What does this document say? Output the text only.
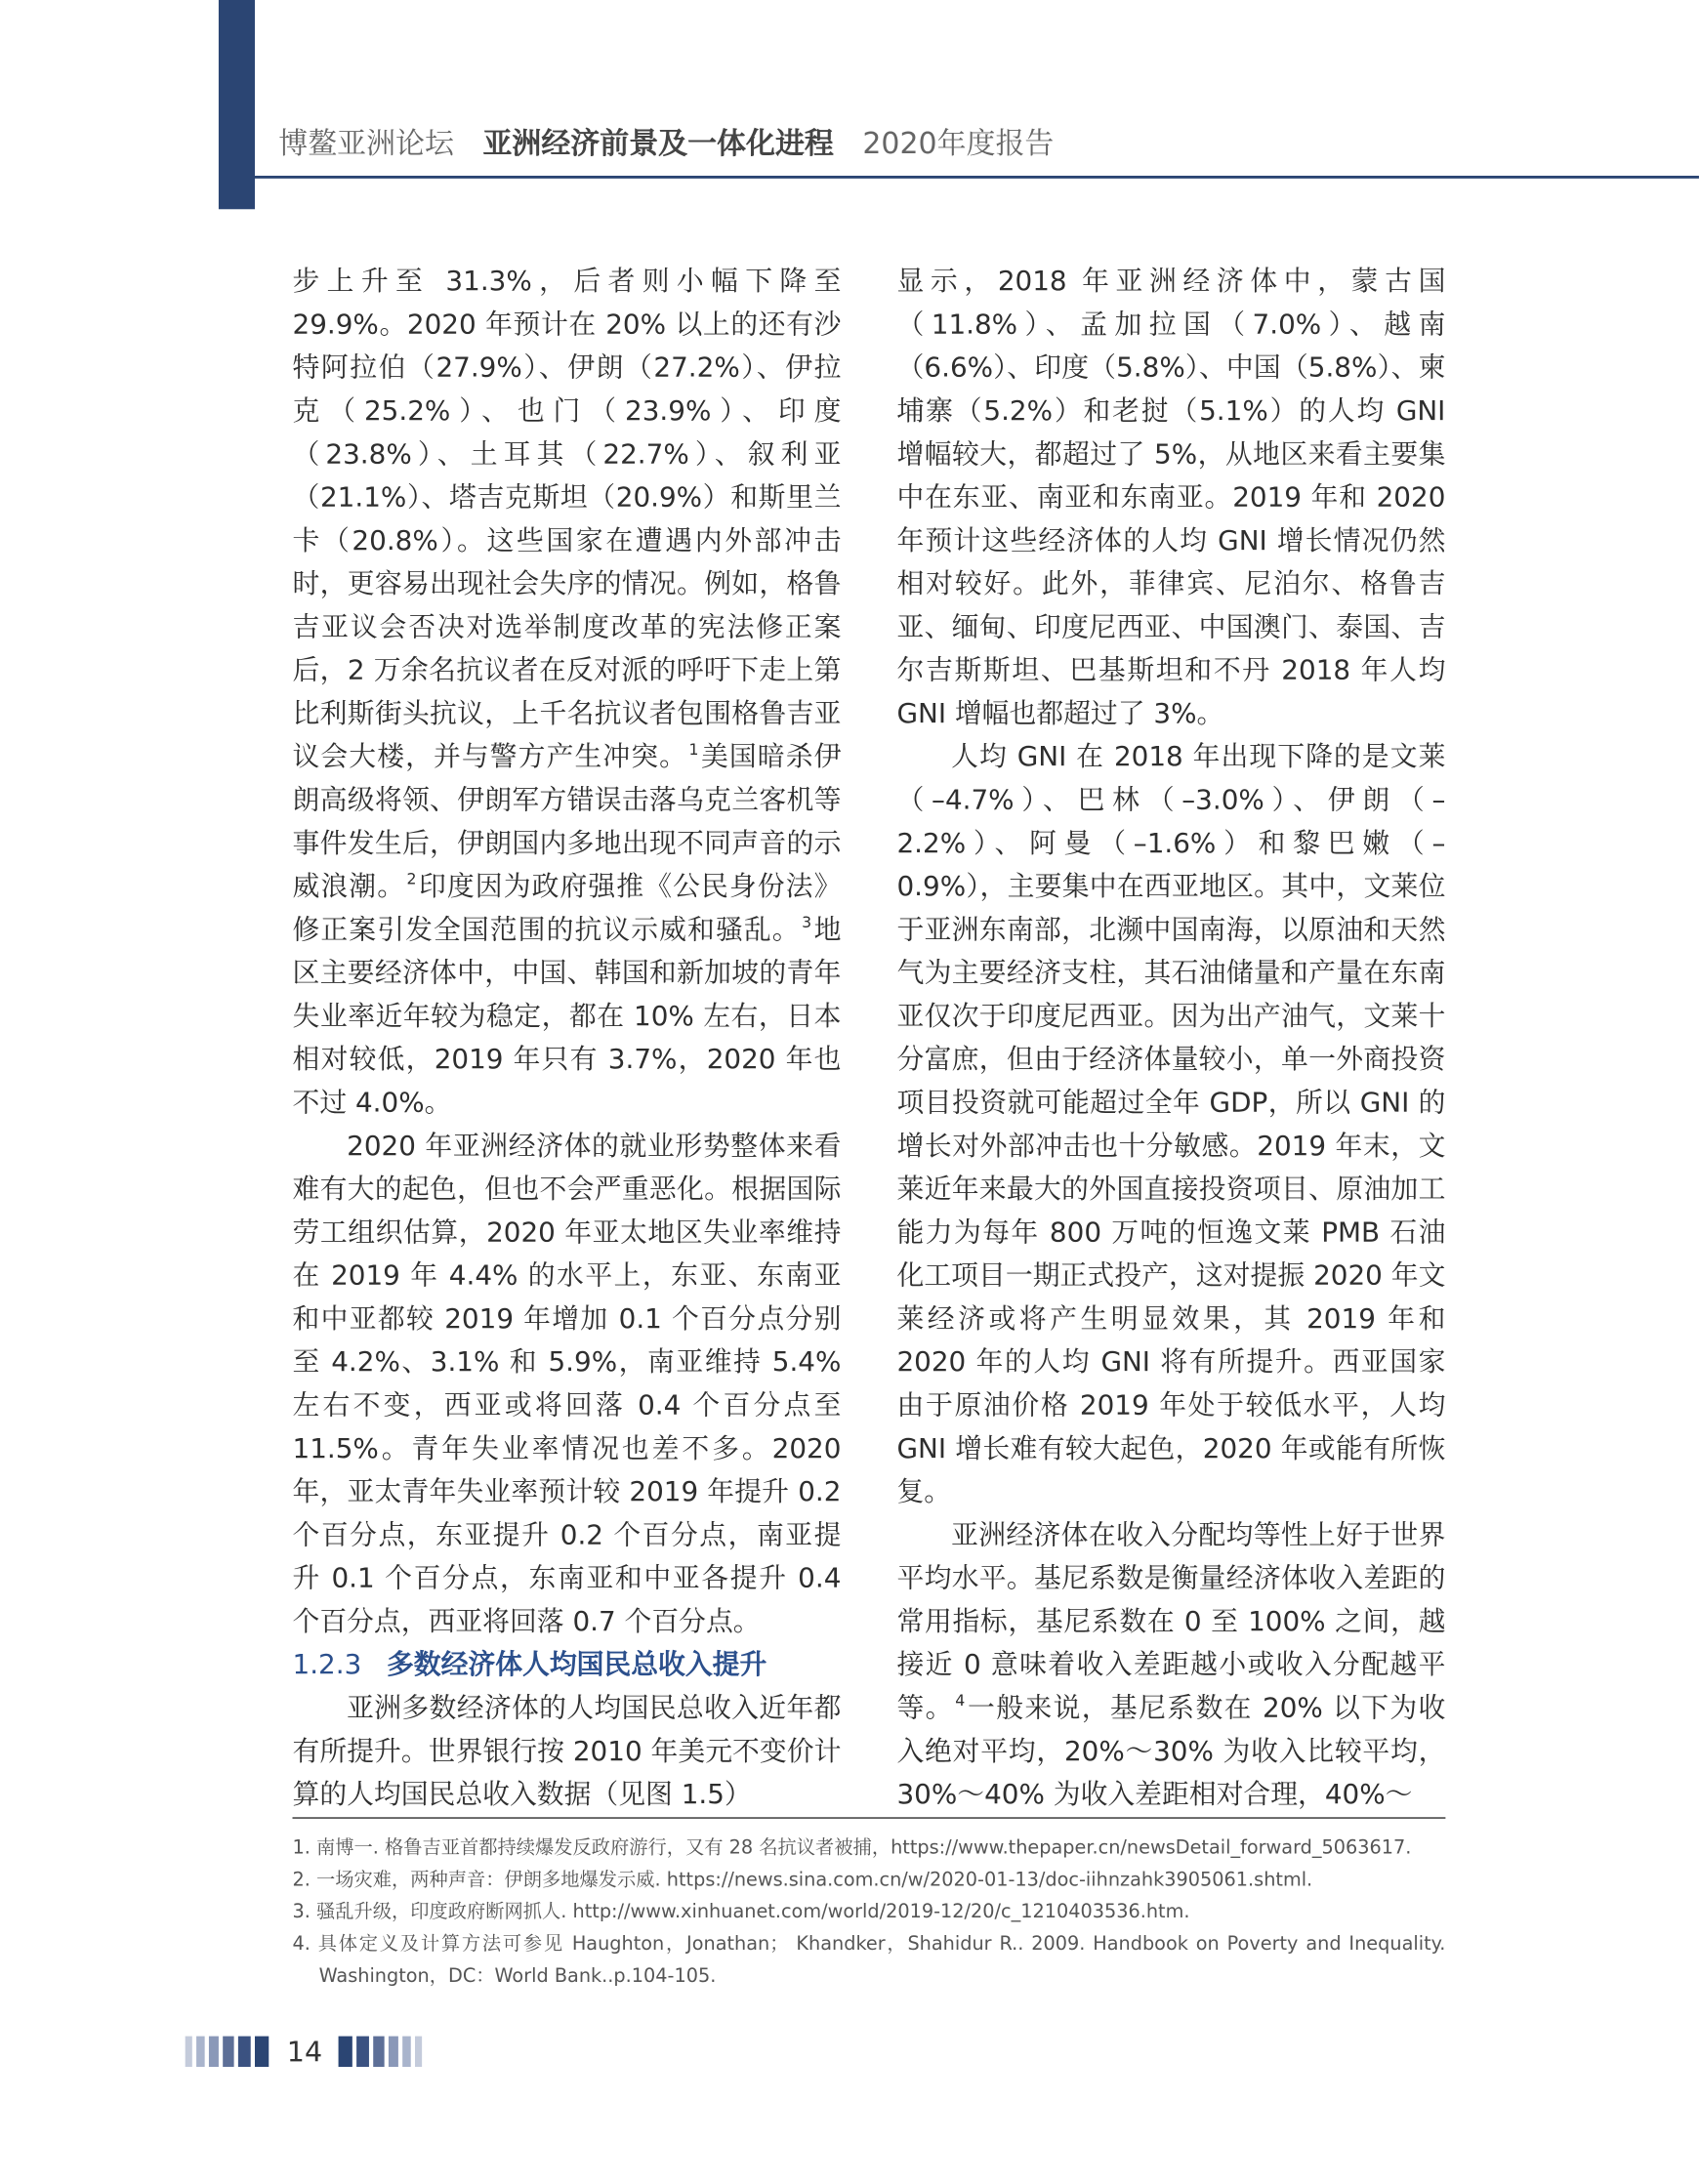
博鳌亚洲论坛 亚洲经济前景及一体化进程 2020年度报告

步上升至 31.3%，后者则小幅下降至 29.9%。2020 年预计在 20% 以上的还有沙特阿拉伯（27.9%）、伊朗（27.2%）、伊拉克（25.2%）、也门（23.9%）、印度（23.8%）、土耳其（22.7%）、叙利亚（21.1%）、塔吉克斯坦（20.9%）和斯里兰卡（20.8%）。这些国家在遭遇内外部冲击时，更容易出现社会失序的情况。例如，格鲁吉亚议会否决对选举制度改革的宪法修正案后，2 万余名抗议者在反对派的呼吁下走上第比利斯街头抗议，上千名抗议者包围格鲁吉亚议会大楼，并与警方产生冲突。$^1$美国暗杀伊朗高级将领、伊朗军方错误击落乌克兰客机等事件发生后，伊朗国内多地出现不同声音的示威浪潮。$^2$印度因为政府强推《公民身份法》修正案引发全国范围的抗议示威和骚乱。$^3$地区主要经济体中，中国、韩国和新加坡的青年失业率近年较为稳定，都在 10% 左右，日本相对较低，2019 年只有 3.7%，2020 年也不过 4.0%。

2020 年亚洲经济体的就业形势整体来看难有大的起色，但也不会严重恶化。根据国际劳工组织估算，2020 年亚太地区失业率维持在 2019 年 4.4% 的水平上，东亚、东南亚和中亚都较 2019 年增加 0.1 个百分点分别至 4.2%、3.1% 和 5.9%，南亚维持 5.4% 左右不变，西亚或将回落 0.4 个百分点至 11.5%。青年失业率情况也差不多。2020 年，亚太青年失业率预计较 2019 年提升 0.2 个百分点，东亚提升 0.2 个百分点，南亚提升 0.1 个百分点，东南亚和中亚各提升 0.4 个百分点，西亚将回落 0.7 个百分点。

1.2.3 多数经济体人均国民总收入提升

亚洲多数经济体的人均国民总收入近年都有所提升。世界银行按 2010 年美元不变价计算的人均国民总收入数据（见图 1.5）

显示，2018 年亚洲经济体中，蒙古国（11.8%）、孟加拉国（7.0%）、越南（6.6%）、印度（5.8%）、中国（5.8%）、柬埔寨（5.2%）和老挝（5.1%）的人均 GNI 增幅较大，都超过了 5%，从地区来看主要集中在东亚、南亚和东南亚。2019 年和 2020 年预计这些经济体的人均 GNI 增长情况仍然相对较好。此外，菲律宾、尼泊尔、格鲁吉亚、缅甸、印度尼西亚、中国澳门、泰国、吉尔吉斯斯坦、巴基斯坦和不丹 2018 年人均 GNI 增幅也都超过了 3%。

人均 GNI 在 2018 年出现下降的是文莱（–4.7%）、巴林（–3.0%）、伊朗（–2.2%）、阿曼（–1.6%）和黎巴嫩（–0.9%），主要集中在西亚地区。其中，文莱位于亚洲东南部，北濒中国南海，以原油和天然气为主要经济支柱，其石油储量和产量在东南亚仅次于印度尼西亚。因为出产油气，文莱十分富庶，但由于经济体量较小，单一外商投资项目投资就可能超过全年 GDP，所以 GNI 的增长对外部冲击也十分敏感。2019 年末，文莱近年来最大的外国直接投资项目、原油加工能力为每年 800 万吨的恒逸文莱 PMB 石油化工项目一期正式投产，这对提振 2020 年文莱经济或将产生明显效果，其 2019 年和 2020 年的人均 GNI 将有所提升。西亚国家由于原油价格 2019 年处于较低水平，人均 GNI 增长难有较大起色，2020 年或能有所恢复。

亚洲经济体在收入分配均等性上好于世界平均水平。基尼系数是衡量经济体收入差距的常用指标，基尼系数在 0 至 100% 之间，越接近 0 意味着收入差距越小或收入分配越平等。$^4$一般来说，基尼系数在 20% 以下为收入绝对平均，20%～30% 为收入比较平均，30%～40% 为收入差距相对合理，40%～

1. 南博一. 格鲁吉亚首都持续爆发反政府游行，又有 28 名抗议者被捕，https://www.thepaper.cn/newsDetail_forward_5063617.
2. 一场灾难，两种声音：伊朗多地爆发示威. https://news.sina.com.cn/w/2020-01-13/doc-iihnzahk3905061.shtml.
3. 骚乱升级，印度政府断网抓人. http://www.xinhuanet.com/world/2019-12/20/c_1210403536.htm.
4. 具体定义及计算方法可参见 Haughton，Jonathan； Khandker，Shahidur R.. 2009. Handbook on Poverty and Inequality. Washington，DC：World Bank..p.104-105.
14
